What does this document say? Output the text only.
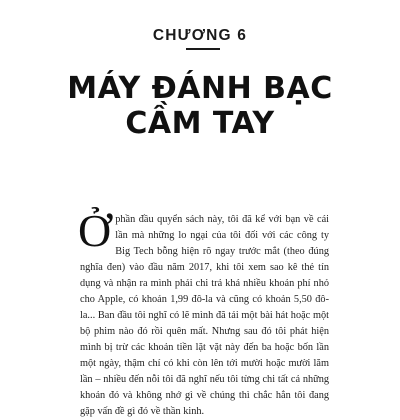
CHƯƠNG 6
MÁY ĐÁNH BẠC
CẦM TAY
Ởphần đầu quyển sách này, tôi đã kể với bạn về cái lần mà những lo ngại của tôi đối với các công ty Big Tech bỗng hiện rõ ngay trước mắt (theo đúng nghĩa đen) vào đầu năm 2017, khi tôi xem sao kê thẻ tín dụng và nhận ra mình phải chi trả khá nhiều khoản phí nhỏ cho Apple, có khoản 1,99 đô-la và cũng có khoản 5,50 đô-la... Ban đầu tôi nghĩ có lẽ mình đã tải một bài hát hoặc một bộ phim nào đó rồi quên mất. Nhưng sau đó tôi phát hiện mình bị trừ các khoản tiền lặt vặt này đến ba hoặc bốn lần một ngày, thậm chí có khi còn lên tới mười hoặc mười lăm lần – nhiều đến nỗi tôi đã nghĩ nếu tôi từng chi tất cả những khoản đó và không nhớ gì về chúng thì chắc hẳn tôi đang gặp vấn đề gì đó về thần kinh.
